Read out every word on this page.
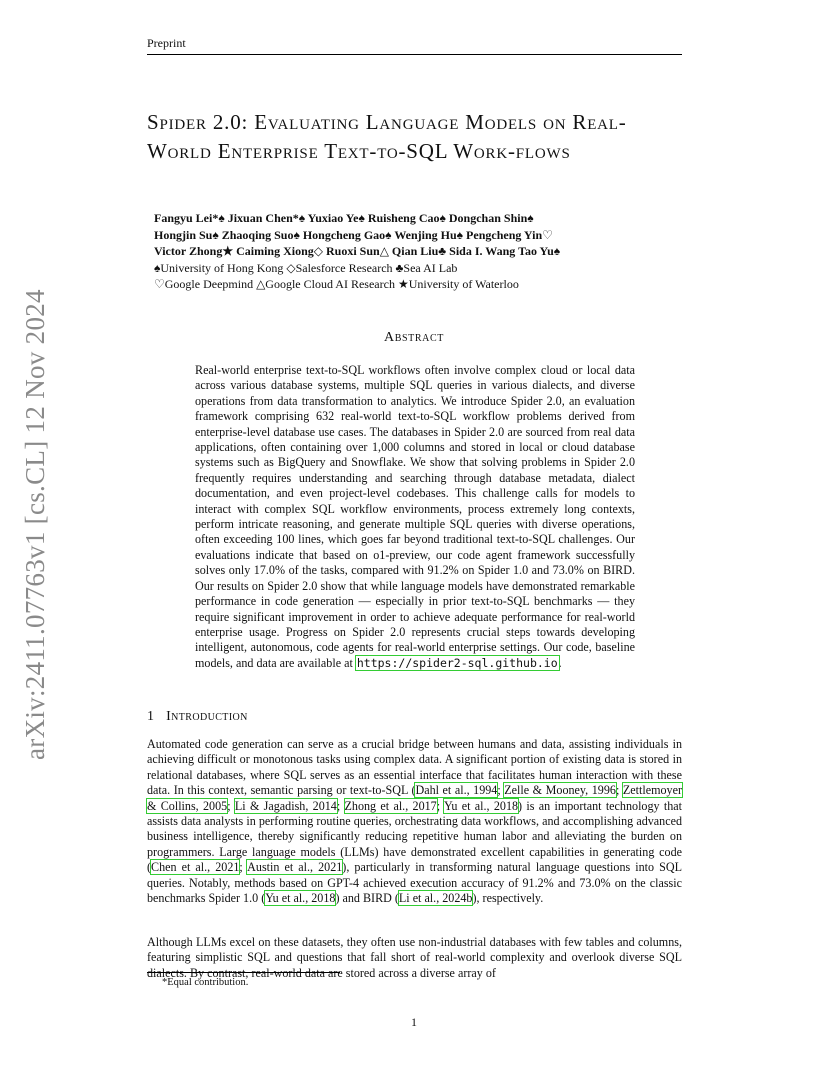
Preprint
arXiv:2411.07763v1 [cs.CL] 12 Nov 2024
Spider 2.0: Evaluating Language Models on Real-World Enterprise Text-to-SQL Work-flows
Fangyu Lei*♠ Jixuan Chen*♠ Yuxiao Ye♠ Ruisheng Cao♠ Dongchan Shin♠
Hongjin Su♠ Zhaoqing Suo♠ Hongcheng Gao♠ Wenjing Hu♠ Pengcheng Yin♡
Victor Zhong★ Caiming Xiong◇ Ruoxi Sun△ Qian Liu♣ Sida I. Wang Tao Yu♠
♠University of Hong Kong ◇Salesforce Research ♣Sea AI Lab
♡Google Deepmind △Google Cloud AI Research ★University of Waterloo
Abstract

Real-world enterprise text-to-SQL workflows often involve complex cloud or local data across various database systems, multiple SQL queries in various dialects, and diverse operations from data transformation to analytics. We introduce Spider 2.0, an evaluation framework comprising 632 real-world text-to-SQL workflow problems derived from enterprise-level database use cases. The databases in Spider 2.0 are sourced from real data applications, often containing over 1,000 columns and stored in local or cloud database systems such as BigQuery and Snowflake. We show that solving problems in Spider 2.0 frequently requires understanding and searching through database metadata, dialect documentation, and even project-level codebases. This challenge calls for models to interact with complex SQL workflow environments, process extremely long contexts, perform intricate reasoning, and generate multiple SQL queries with diverse operations, often exceeding 100 lines, which goes far beyond traditional text-to-SQL challenges. Our evaluations indicate that based on o1-preview, our code agent framework successfully solves only 17.0% of the tasks, compared with 91.2% on Spider 1.0 and 73.0% on BIRD. Our results on Spider 2.0 show that while language models have demonstrated remarkable performance in code generation — especially in prior text-to-SQL benchmarks — they require significant improvement in order to achieve adequate performance for real-world enterprise usage. Progress on Spider 2.0 represents crucial steps towards developing intelligent, autonomous, code agents for real-world enterprise settings. Our code, baseline models, and data are available at https://spider2-sql.github.io.

1 Introduction

Automated code generation can serve as a crucial bridge between humans and data, assisting individuals in achieving difficult or monotonous tasks using complex data. A significant portion of existing data is stored in relational databases, where SQL serves as an essential interface that facilitates human interaction with these data. In this context, semantic parsing or text-to-SQL (Dahl et al., 1994; Zelle & Mooney, 1996; Zettlemoyer & Collins, 2005; Li & Jagadish, 2014; Zhong et al., 2017; Yu et al., 2018) is an important technology that assists data analysts in performing routine queries, orchestrating data workflows, and accomplishing advanced business intelligence, thereby significantly reducing repetitive human labor and alleviating the burden on programmers. Large language models (LLMs) have demonstrated excellent capabilities in generating code (Chen et al., 2021; Austin et al., 2021), particularly in transforming natural language questions into SQL queries. Notably, methods based on GPT-4 achieved execution accuracy of 91.2% and 73.0% on the classic benchmarks Spider 1.0 (Yu et al., 2018) and BIRD (Li et al., 2024b), respectively.

Although LLMs excel on these datasets, they often use non-industrial databases with few tables and columns, featuring simplistic SQL and questions that fall short of real-world complexity and overlook diverse SQL dialects. By contrast, real-world data are stored across a diverse array of

*Equal contribution.
1
